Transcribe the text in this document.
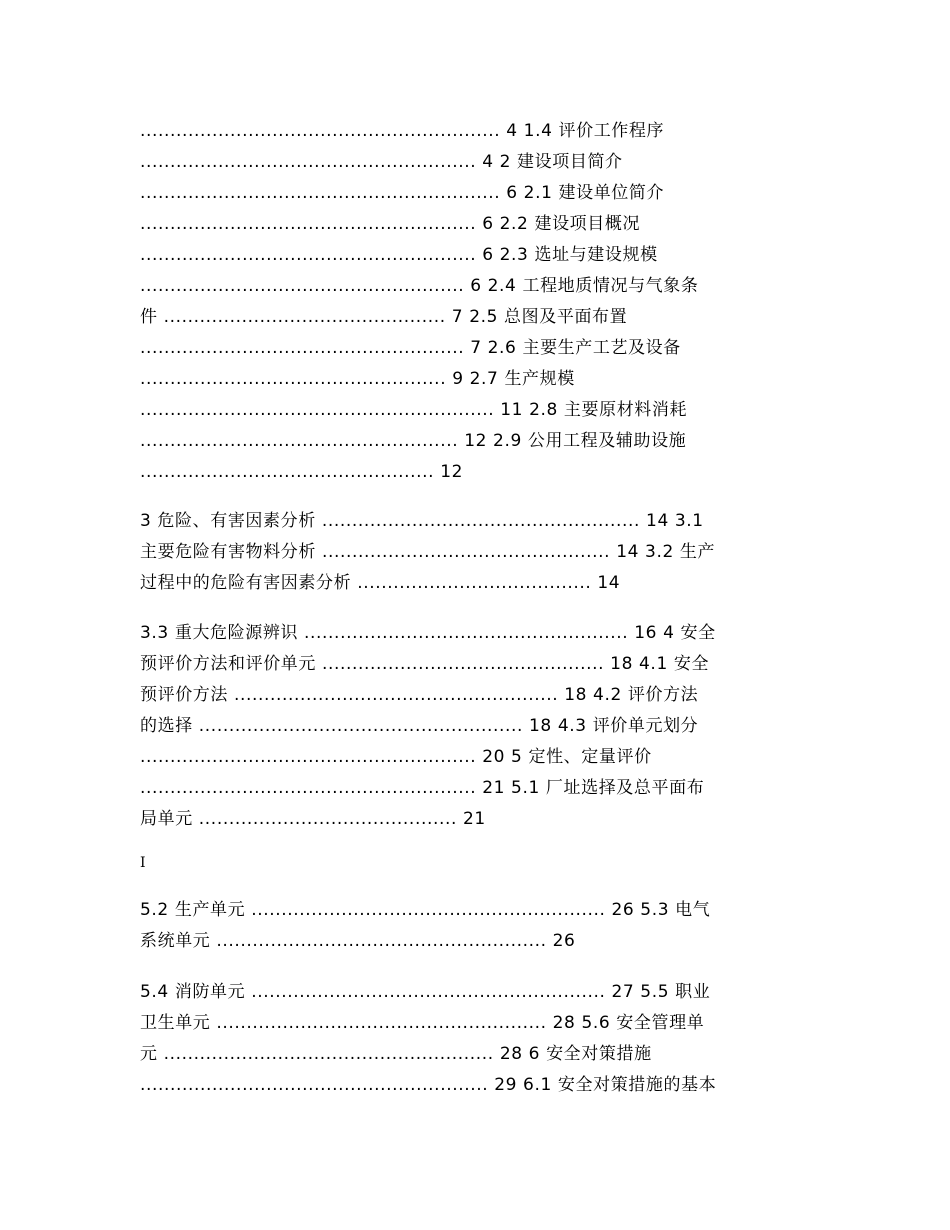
............................................................ 4 1.4 评价工作程序
........................................................ 4 2 建设项目简介
............................................................ 6 2.1 建设单位简介
........................................................ 6 2.2 建设项目概况
........................................................ 6 2.3 选址与建设规模
...................................................... 6 2.4 工程地质情况与气象条
件 ............................................... 7 2.5 总图及平面布置
...................................................... 7 2.6 主要生产工艺及设备
................................................... 9 2.7 生产规模
........................................................... 11 2.8 主要原材料消耗
..................................................... 12 2.9 公用工程及辅助设施
................................................. 12
3 危险、有害因素分析 ..................................................... 14 3.1
主要危险有害物料分析 ................................................ 14 3.2 生产
过程中的危险有害因素分析 ....................................... 14
3.3 重大危险源辨识 ...................................................... 16 4 安全
预评价方法和评价单元 ............................................... 18 4.1 安全
预评价方法 ...................................................... 18 4.2 评价方法
的选择 ...................................................... 18 4.3 评价单元划分
........................................................ 20 5 定性、定量评价
........................................................ 21 5.1 厂址选择及总平面布
局单元 ........................................... 21
I
5.2 生产单元 ........................................................... 26 5.3 电气
系统单元 ....................................................... 26
5.4 消防单元 ........................................................... 27 5.5 职业
卫生单元 ....................................................... 28 5.6 安全管理单
元 ....................................................... 28 6 安全对策措施
.......................................................... 29 6.1 安全对策措施的基本
